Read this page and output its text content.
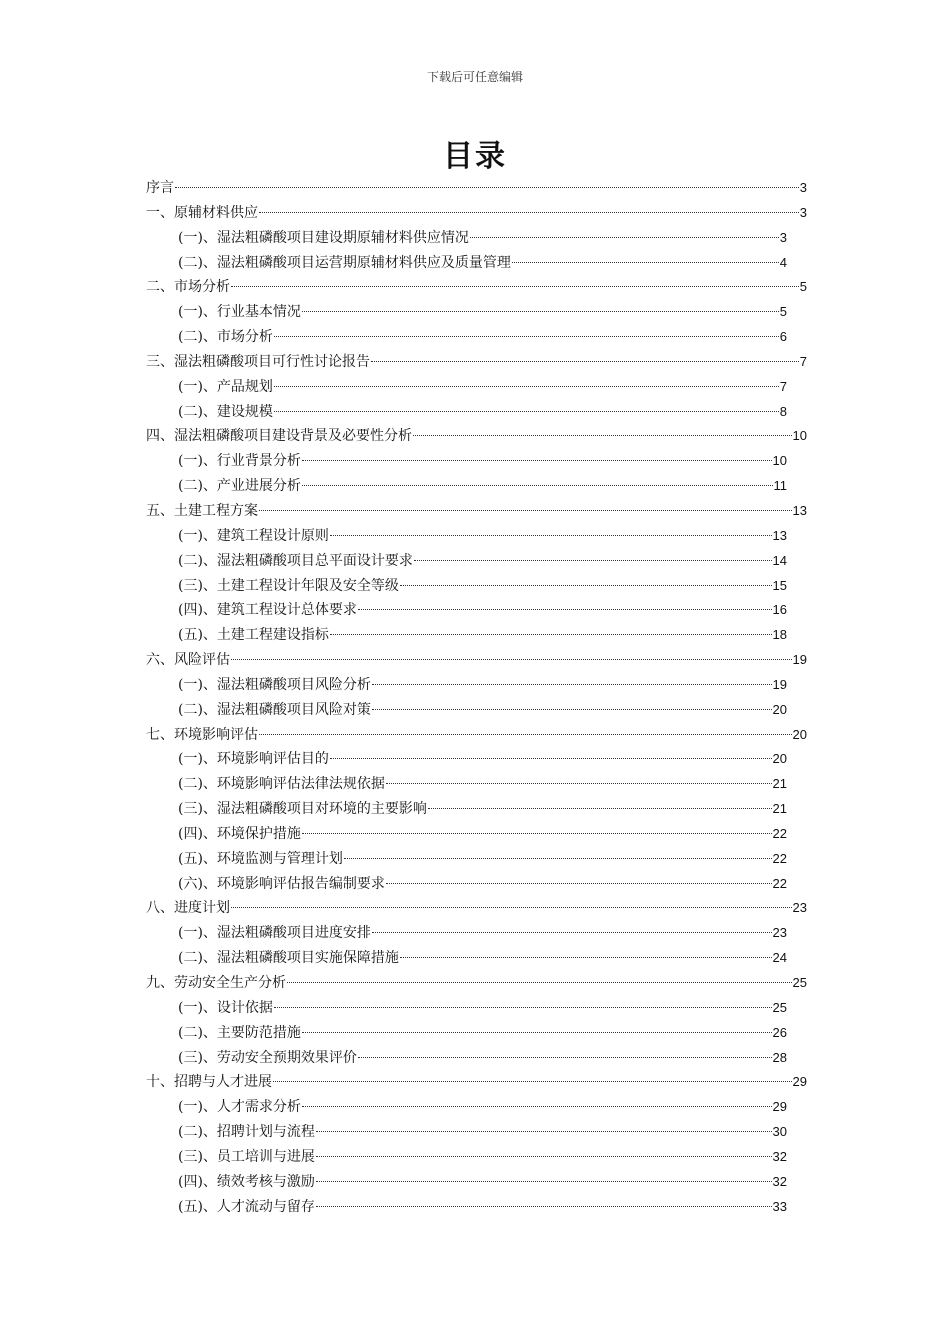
下载后可任意编辑
目录
序言	3
一、原辅材料供应	3
(一)、湿法粗磷酸项目建设期原辅材料供应情况	3
(二)、湿法粗磷酸项目运营期原辅材料供应及质量管理	4
二、市场分析	5
(一)、行业基本情况	5
(二)、市场分析	6
三、湿法粗磷酸项目可行性讨论报告	7
(一)、产品规划	7
(二)、建设规模	8
四、湿法粗磷酸项目建设背景及必要性分析	10
(一)、行业背景分析	10
(二)、产业进展分析	11
五、土建工程方案	13
(一)、建筑工程设计原则	13
(二)、湿法粗磷酸项目总平面设计要求	14
(三)、土建工程设计年限及安全等级	15
(四)、建筑工程设计总体要求	16
(五)、土建工程建设指标	18
六、风险评估	19
(一)、湿法粗磷酸项目风险分析	19
(二)、湿法粗磷酸项目风险对策	20
七、环境影响评估	20
(一)、环境影响评估目的	20
(二)、环境影响评估法律法规依据	21
(三)、湿法粗磷酸项目对环境的主要影响	21
(四)、环境保护措施	22
(五)、环境监测与管理计划	22
(六)、环境影响评估报告编制要求	22
八、进度计划	23
(一)、湿法粗磷酸项目进度安排	23
(二)、湿法粗磷酸项目实施保障措施	24
九、劳动安全生产分析	25
(一)、设计依据	25
(二)、主要防范措施	26
(三)、劳动安全预期效果评价	28
十、招聘与人才进展	29
(一)、人才需求分析	29
(二)、招聘计划与流程	30
(三)、员工培训与进展	32
(四)、绩效考核与激励	32
(五)、人才流动与留存	33
